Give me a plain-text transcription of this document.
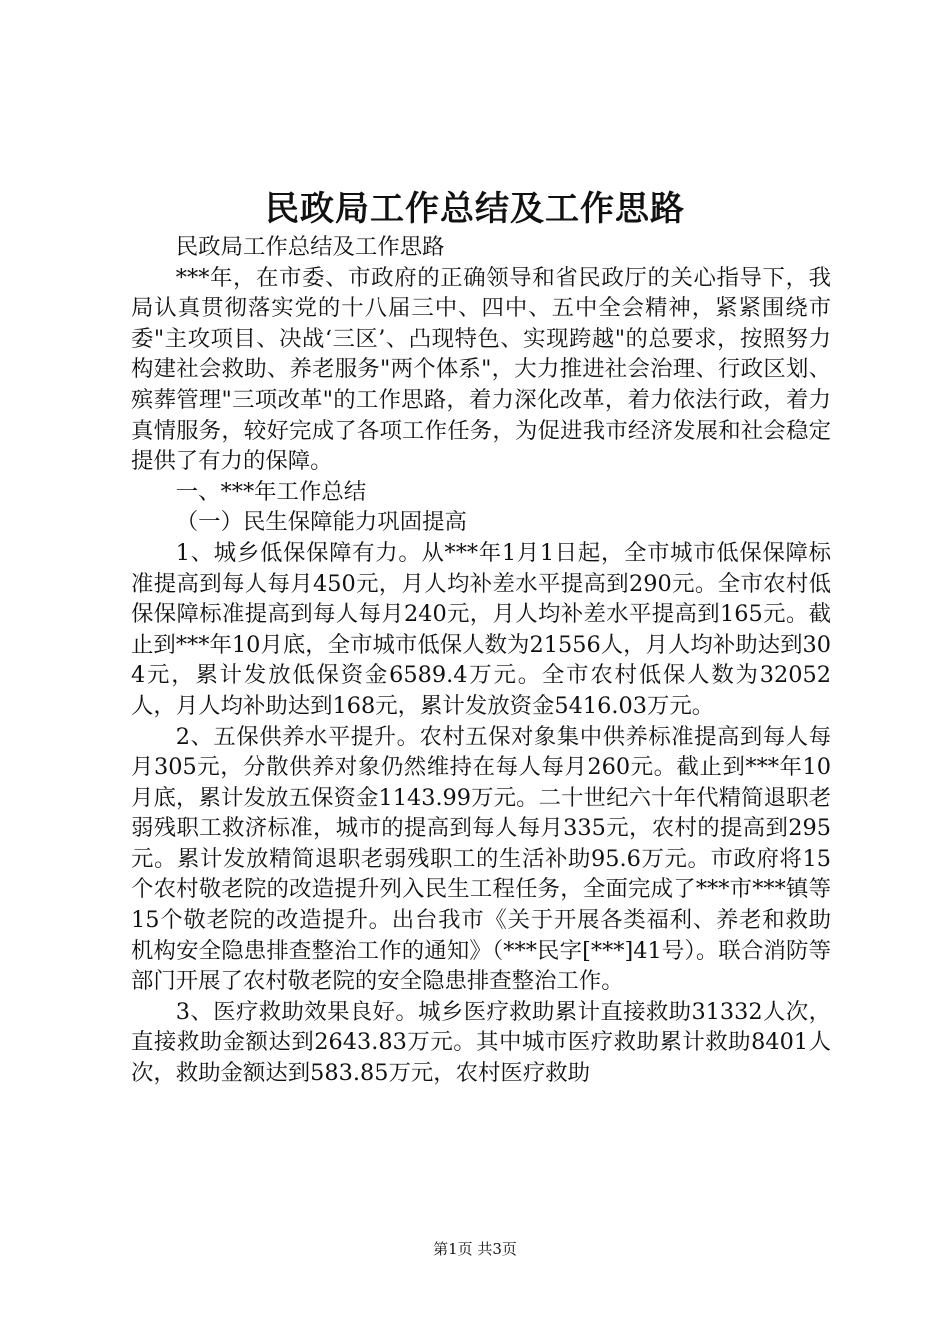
民政局工作总结及工作思路

民政局工作总结及工作思路

***年，在市委、市政府的正确领导和省民政厅的关心指导下，我局认真贯彻落实党的十八届三中、四中、五中全会精神，紧紧围绕市委"主攻项目、决战‘三区’、凸现特色、实现跨越"的总要求，按照努力构建社会救助、养老服务"两个体系"，大力推进社会治理、行政区划、殡葬管理"三项改革"的工作思路，着力深化改革，着力依法行政，着力真情服务，较好完成了各项工作任务，为促进我市经济发展和社会稳定提供了有力的保障。

一、***年工作总结

（一）民生保障能力巩固提高

1、城乡低保保障有力。从***年1月1日起，全市城市低保保障标准提高到每人每月450元，月人均补差水平提高到290元。全市农村低保保障标准提高到每人每月240元，月人均补差水平提高到165元。截止到***年10月底，全市城市低保人数为21556人，月人均补助达到304元，累计发放低保资金6589.4万元。全市农村低保人数为32052人，月人均补助达到168元，累计发放资金5416.03万元。

2、五保供养水平提升。农村五保对象集中供养标准提高到每人每月305元，分散供养对象仍然维持在每人每月260元。截止到***年10月底，累计发放五保资金1143.99万元。二十世纪六十年代精简退职老弱残职工救济标准，城市的提高到每人每月335元，农村的提高到295元。累计发放精简退职老弱残职工的生活补助95.6万元。市政府将15个农村敬老院的改造提升列入民生工程任务，全面完成了***市***镇等15个敬老院的改造提升。出台我市《关于开展各类福利、养老和救助机构安全隐患排查整治工作的通知》（***民字[***]41号）。联合消防等部门开展了农村敬老院的安全隐患排查整治工作。

3、医疗救助效果良好。城乡医疗救助累计直接救助31332人次，直接救助金额达到2643.83万元。其中城市医疗救助累计救助8401人次，救助金额达到583.85万元，农村医疗救助

第1页 共3页
